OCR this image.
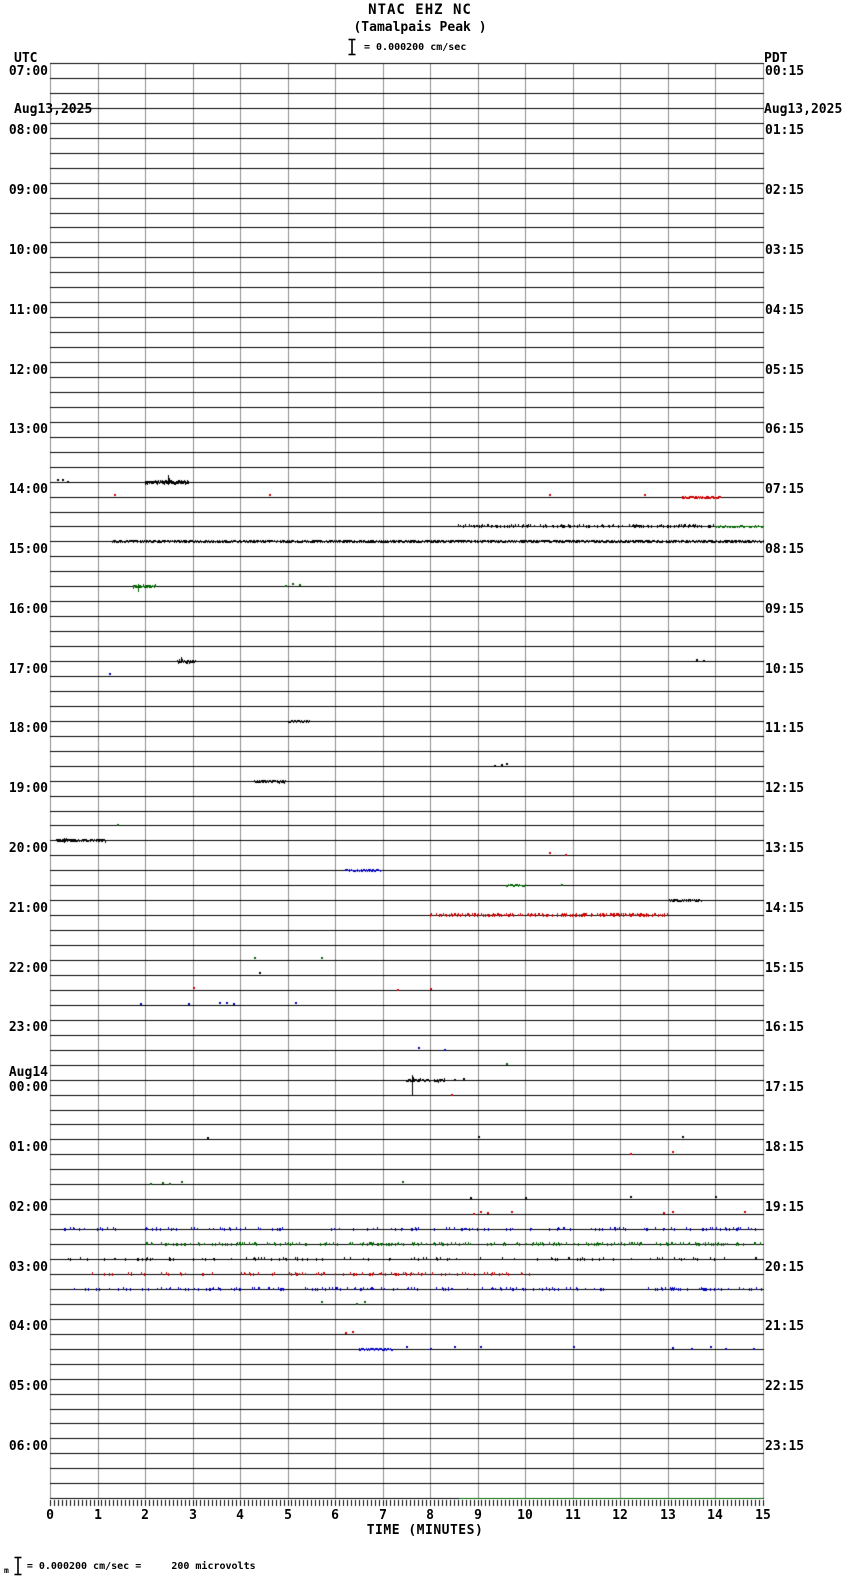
UTC

Aug13,2025

PDT

Aug13,2025

NTAC EHZ NC
(Tamalpais Peak )
= 0.000200 cm/sec
07:00
08:00
09:00
10:00
11:00
12:00
13:00
14:00
15:00
16:00
17:00
18:00
19:00
20:00
21:00
22:00
23:00
Aug14
00:00
01:00
02:00
03:00
04:00
05:00
06:00
00:15
01:15
02:15
03:15
04:15
05:15
06:15
07:15
08:15
09:15
10:15
11:15
12:15
13:15
14:15
15:15
16:15
17:15
18:15
19:15
20:15
21:15
22:15
23:15
0	1	2	3	4	5	6	7	8	9	10	11	12	13	14	15
TIME (MINUTES)
m = 0.000200 cm/sec =     200 microvolts
